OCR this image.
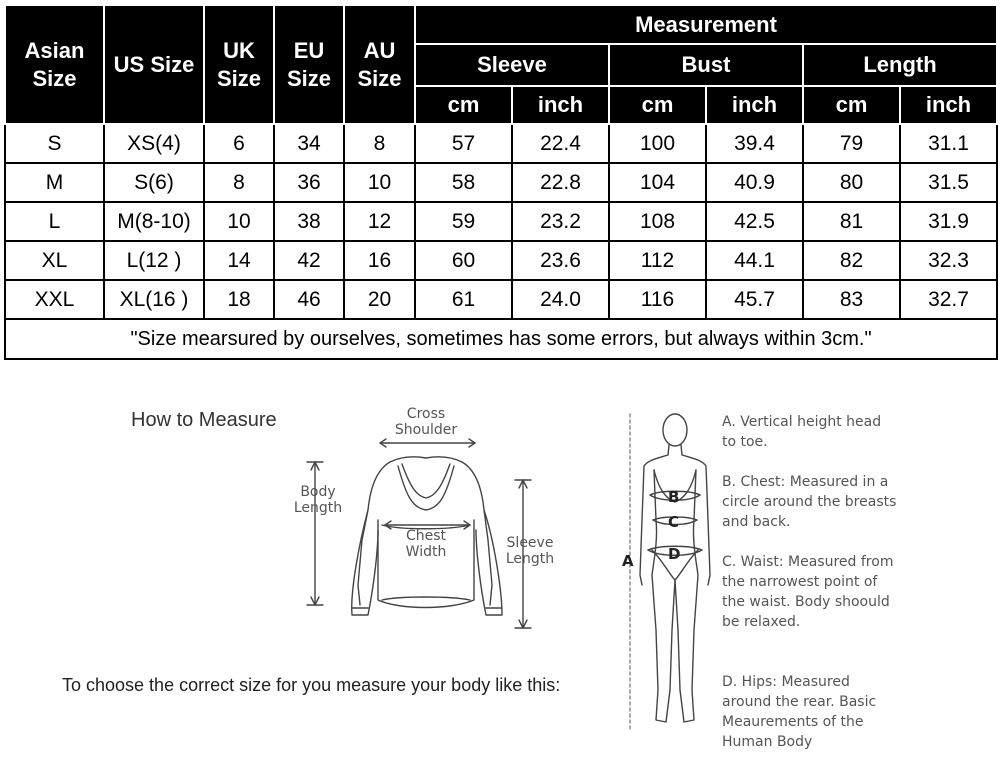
Asian Size	US Size	UK Size	EU Size	AU Size	Measurement					
					Sleeve		Bust		Length	
					cm	inch	cm	inch	cm	inch
S	XS(4)	6	34	8	57	22.4	100	39.4	79	31.1
M	S(6)	8	36	10	58	22.8	104	40.9	80	31.5
L	M(8-10)	10	38	12	59	23.2	108	42.5	81	31.9
XL	L(12 )	14	42	16	60	23.6	112	44.1	82	32.3
XXL	XL(16 )	18	46	20	61	24.0	116	45.7	83	32.7
"Size mearsured by ourselves, sometimes has some errors, but always within 3cm."										
How to Measure
To choose the correct size for you measure your body like this:
Cross Shoulder
Body Length
Chest Width
Sleeve Length	A
B
C
D

A. Vertical height head to toe.

B. Chest: Measured in a circle around the breasts and back.

C. Waist: Measured from the narrowest point of the waist. Body shoould be relaxed.

D. Hips: Measured around the rear. Basic Meaurements of the Human Body
